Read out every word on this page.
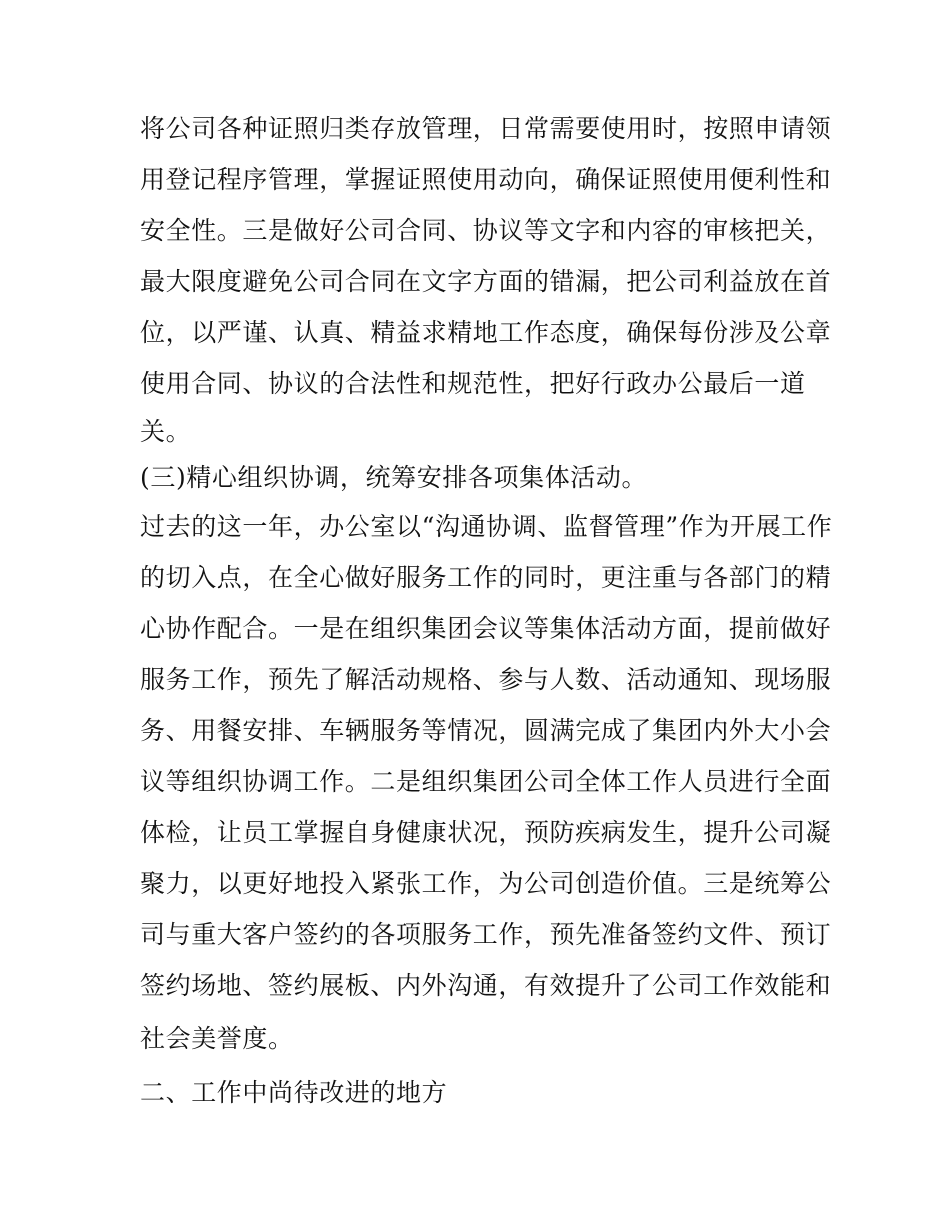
将公司各种证照归类存放管理，日常需要使用时，按照申请领
用登记程序管理，掌握证照使用动向，确保证照使用便利性和
安全性。三是做好公司合同、协议等文字和内容的审核把关，
最大限度避免公司合同在文字方面的错漏，把公司利益放在首
位，以严谨、认真、精益求精地工作态度，确保每份涉及公章
使用合同、协议的合法性和规范性，把好行政办公最后一道
关。
(三)精心组织协调，统筹安排各项集体活动。
过去的这一年，办公室以“沟通协调、监督管理”作为开展工作
的切入点，在全心做好服务工作的同时，更注重与各部门的精
心协作配合。一是在组织集团会议等集体活动方面，提前做好
服务工作，预先了解活动规格、参与人数、活动通知、现场服
务、用餐安排、车辆服务等情况，圆满完成了集团内外大小会
议等组织协调工作。二是组织集团公司全体工作人员进行全面
体检，让员工掌握自身健康状况，预防疾病发生，提升公司凝
聚力，以更好地投入紧张工作，为公司创造价值。三是统筹公
司与重大客户签约的各项服务工作，预先准备签约文件、预订
签约场地、签约展板、内外沟通，有效提升了公司工作效能和
社会美誉度。
二、工作中尚待改进的地方
